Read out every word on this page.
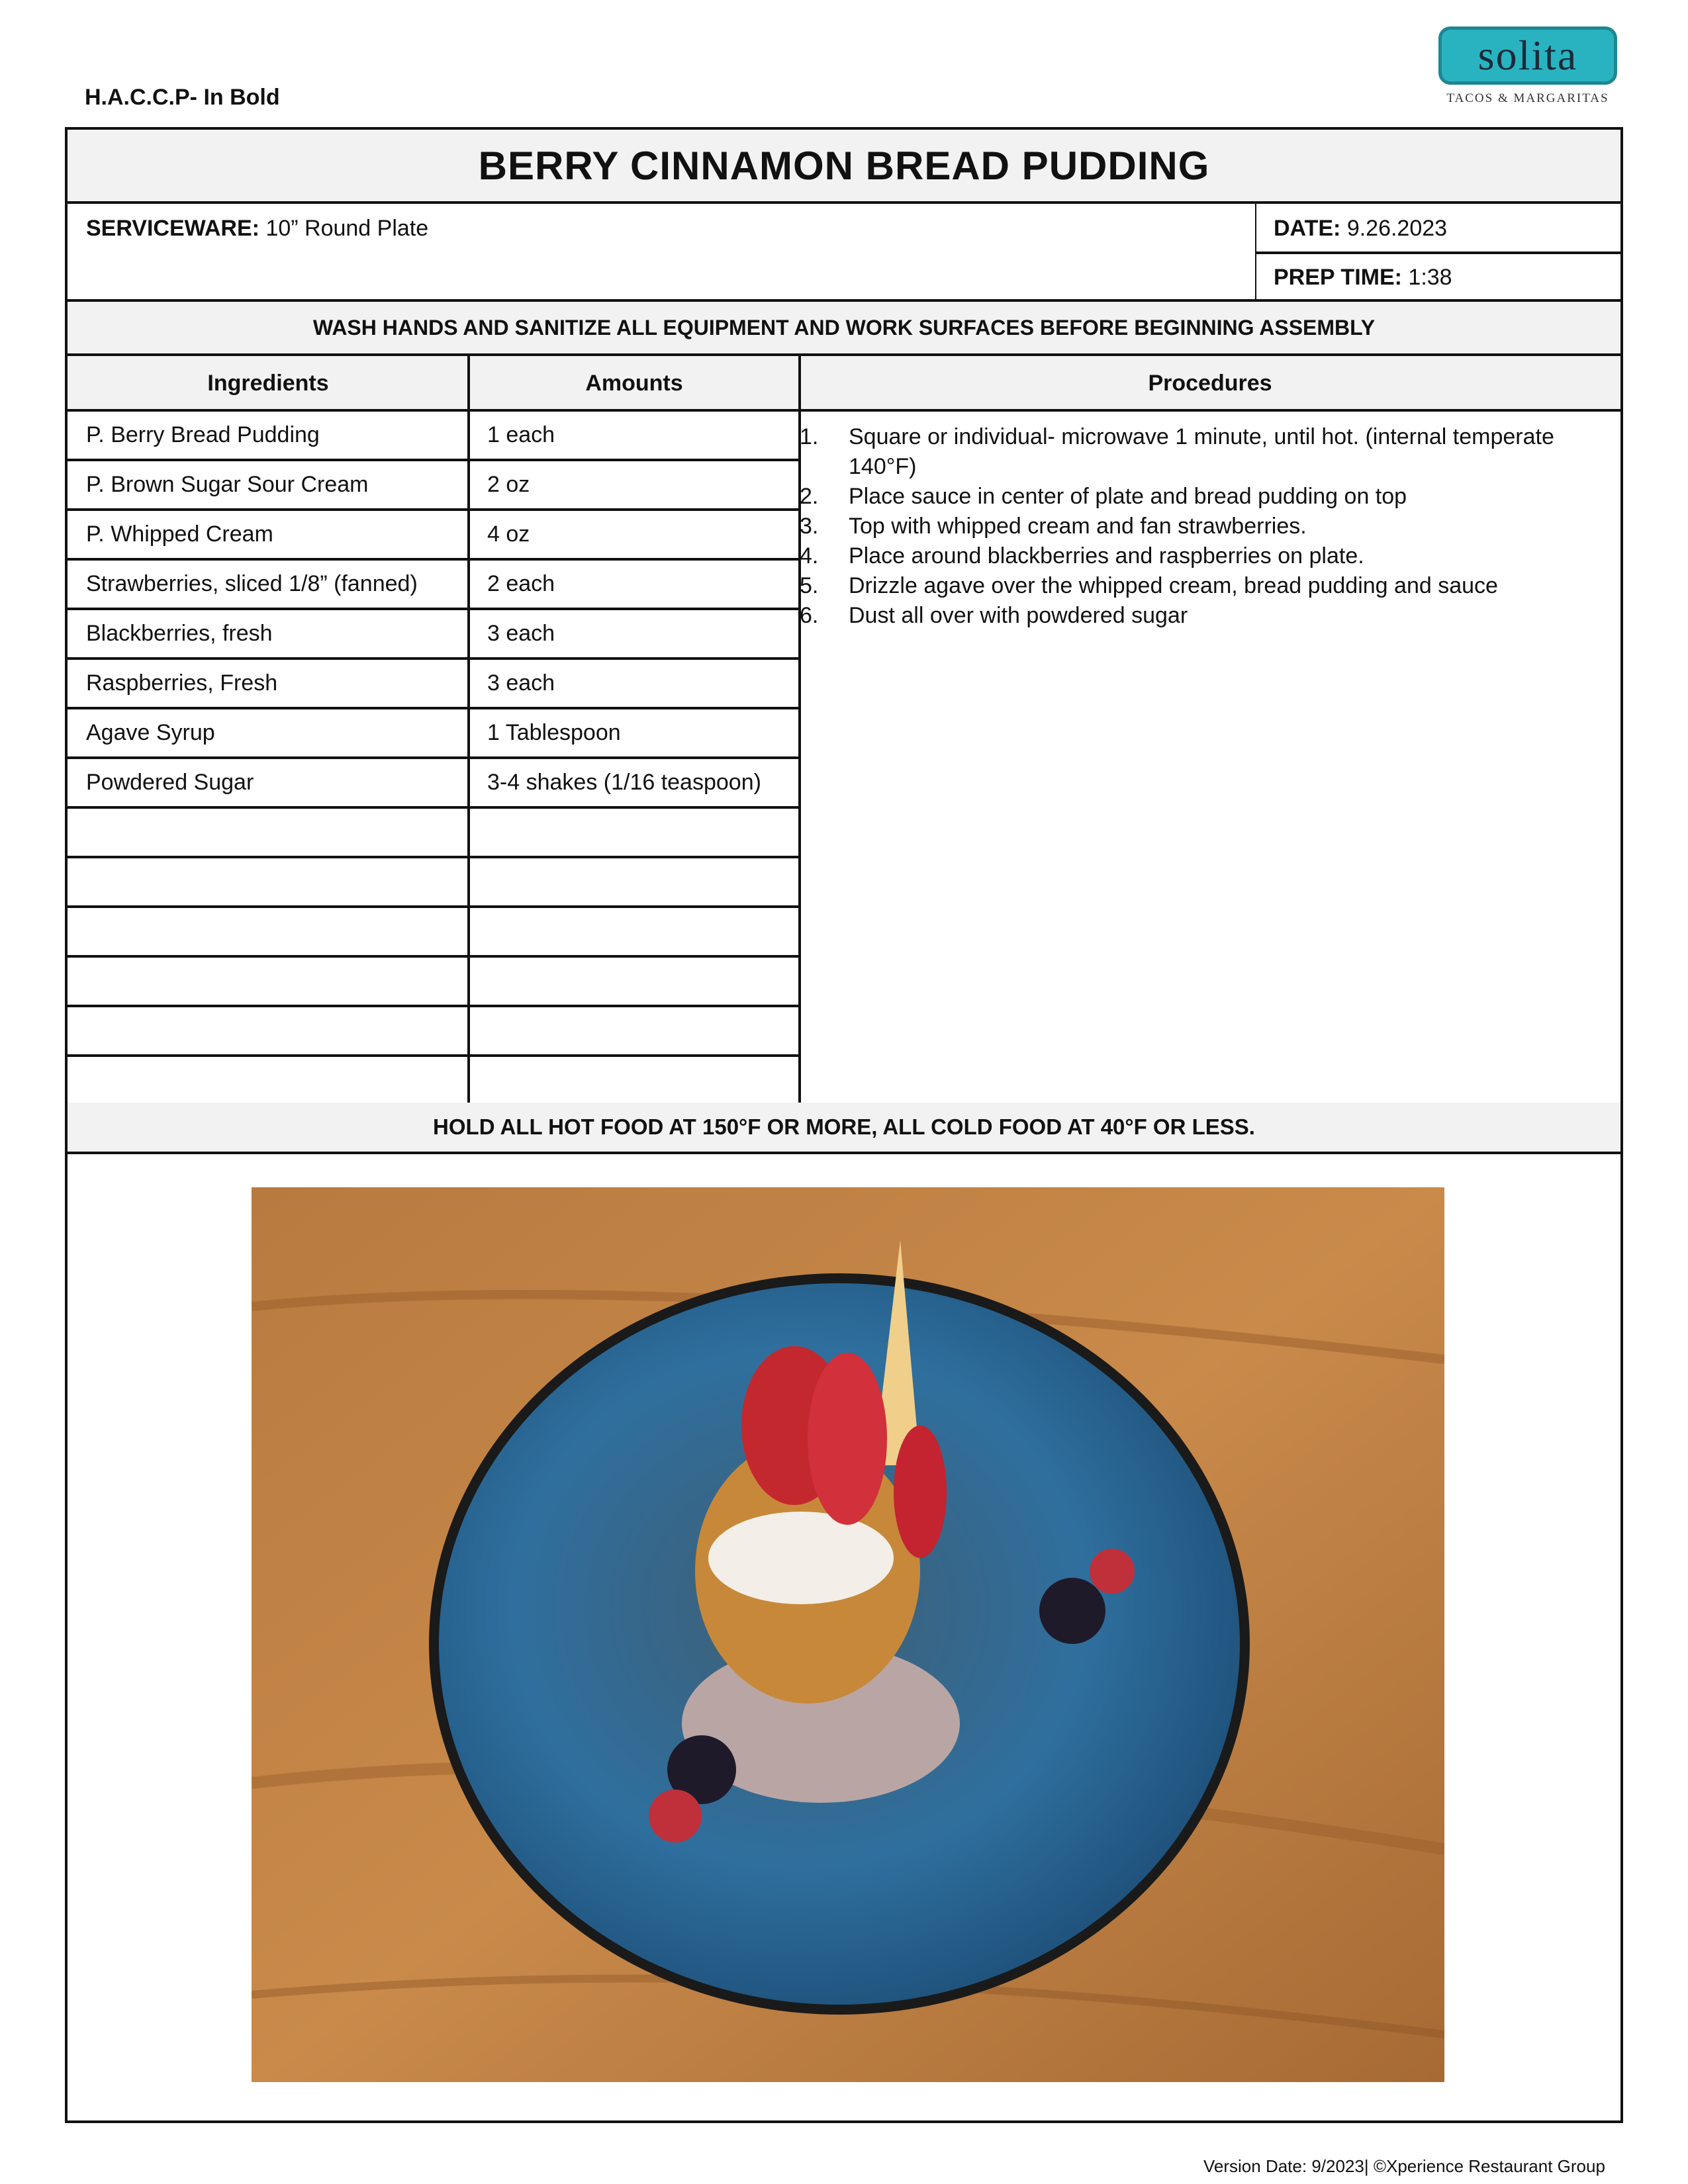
H.A.C.C.P- In Bold
solita
TACOS & MARGARITAS
BERRY CINNAMON BREAD PUDDING
SERVICEWARE: 10” Round Plate	DATE: 9.26.2023
PREP TIME: 1:38
WASH HANDS AND SANITIZE ALL EQUIPMENT AND WORK SURFACES BEFORE BEGINNING ASSEMBLY
Ingredients	Amounts	Procedures
1.	Square or individual- microwave 1 minute, until hot. (internal temperate
140°F)
2.	Place sauce in center of plate and bread pudding on top
3.	Top with whipped cream and fan strawberries.
4.	Place around blackberries and raspberries on plate.
5.	Drizzle agave over the whipped cream, bread pudding and sauce
6.	Dust all over with powdered sugar
P. Berry Bread Pudding	1 each
P. Brown Sugar Sour Cream	2 oz
P. Whipped Cream	4 oz
Strawberries, sliced 1/8” (fanned)	2 each
Blackberries, fresh	3 each
Raspberries, Fresh	3 each
Agave Syrup	1 Tablespoon
Powdered Sugar	3-4 shakes (1/16 teaspoon)
HOLD ALL HOT FOOD AT 150°F OR MORE, ALL COLD FOOD AT 40°F OR LESS.
Version Date: 9/2023| ©Xperience Restaurant Group
